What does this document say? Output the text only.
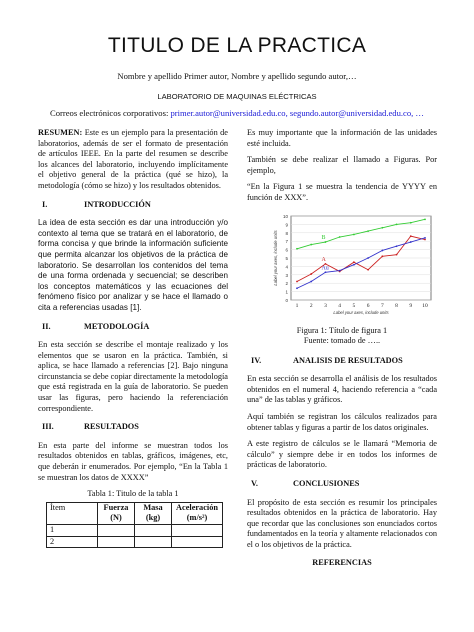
TITULO DE LA PRACTICA
Nombre y apellido Primer autor, Nombre y apellido segundo autor,…
LABORATORIO DE MAQUINAS ELÉCTRICAS
Correos electrónicos corporativos: primer.autor@universidad.edu.co, segundo.autor@universidad.edu.co, …

RESUMEN: Este es un ejemplo para la presentación de laboratorios, además de ser el formato de presentación de artículos IEEE. En la parte del resumen se describe los alcances del laboratorio, incluyendo implícitamente el objetivo general de la práctica (qué se hizo), la metodología (cómo se hizo) y los resultados obtenidos.

I.	INTRODUCCIÓN

La idea de esta sección es dar una introducción y/o contexto al tema que se tratará en el laboratorio, de forma concisa y que brinde la información suficiente que permita alcanzar los objetivos de la práctica de laboratorio. Se desarrollan los contenidos del tema de una forma ordenada y secuencial; se describen los conceptos matemáticos y las ecuaciones del fenómeno físico por analizar y se hace el llamado o cita a referencias usadas [1].

II.	METODOLOGÍA

En esta sección se describe el montaje realizado y los elementos que se usaron en la práctica. También, si aplica, se hace llamado a referencias [2]. Bajo ninguna circunstancia se debe copiar directamente la metodología que está registrada en la guía de laboratorio. Se pueden usar las figuras, pero haciendo la referenciación correspondiente.

III.	RESULTADOS

En esta parte del informe se muestran todos los resultados obtenidos en tablas, gráficos, imágenes, etc, que deberán ir enumerados. Por ejemplo, “En la Tabla 1 se muestran los datos de XXXX”

Tabla 1: Titulo de la tabla 1
Ítem	Fuerza (N)	Masa (kg)	Aceleración (m/s²)
1			
2			

Es muy importante que la información de las unidades esté incluida.

También se debe realizar el llamado a Figuras. Por ejemplo,

“En la Figura 1 se muestra la tendencia de YYYY en función de XXX”.

0
1
2
3
4
5
6
7
8
9
10
1 2 3 4 5 6 7 8 9 10
Label your axes, include units
Label your axes, include units	B
A
Au
Figura 1: Título de figura 1
Fuente: tomado de …..
IV.	ANALISIS DE RESULTADOS

En esta sección se desarrolla el análisis de los resultados obtenidos en el numeral 4, haciendo referencia a “cada una” de las tablas y gráficos.

Aquí también se registran los cálculos realizados para obtener tablas y figuras a partir de los datos originales.

A este registro de cálculos se le llamará “Memoria de cálculo” y siempre debe ir en todos los informes de prácticas de laboratorio.

V.	CONCLUSIONES

El propósito de esta sección es resumir los principales resultados obtenidos en la práctica de laboratorio. Hay que recordar que las conclusiones son enunciados cortos fundamentados en la teoría y altamente relacionados con el o los objetivos de la práctica.

REFERENCIAS
